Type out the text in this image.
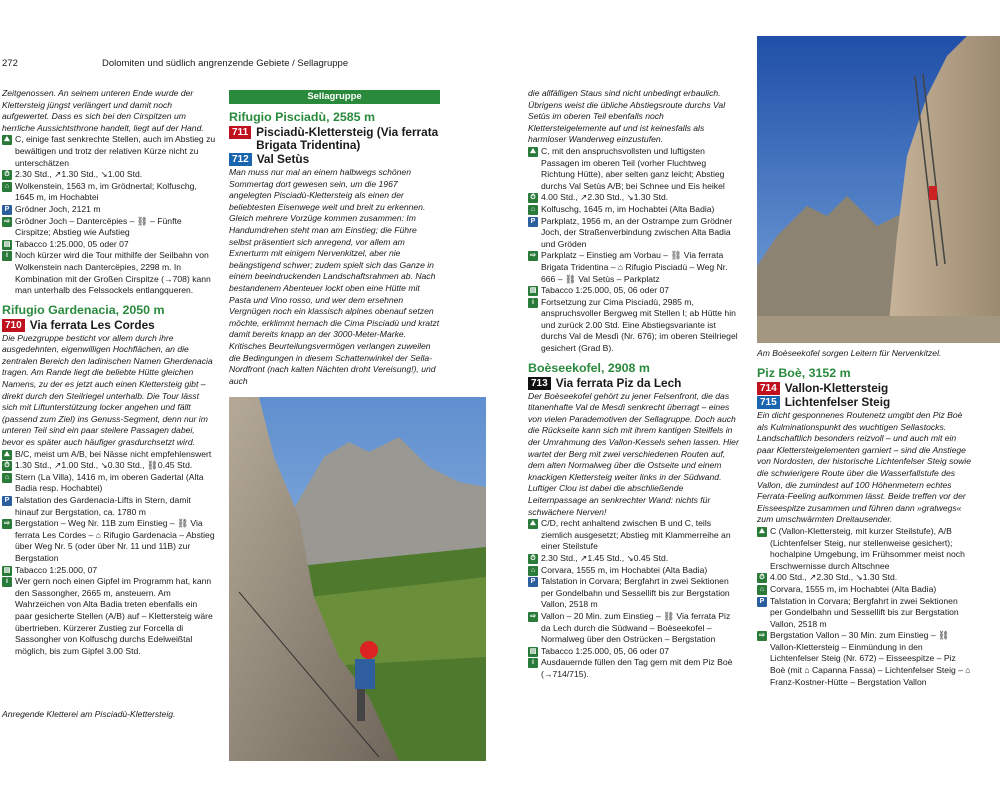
272	Dolomiten und südlich angrenzende Gebiete / Sellagruppe

Zeitgenossen. An seinem unteren Ende wurde der Klettersteig jüngst verlängert und damit noch aufgewertet. Dass es sich bei den Cirspitzen um herrliche Aussichtsthrone handelt, liegt auf der Hand.

⛰ C, einige fast senkrechte Stellen, auch im Abstieg zu bewältigen und trotz der relativen Kürze nicht zu unterschätzen

⏱ 2.30 Std., ↗1.30 Std., ↘1.00 Std.

⌂ Wolkenstein, 1563 m, im Grödnertal; Kolfuschg, 1645 m, im Hochabtei

P Grödner Joch, 2121 m

⇨ Grödner Joch – Dantercëpies – ⛓ – Fünfte Cirspitze; Abstieg wie Aufstieg

▤ Tabacco 1:25.000, 05 oder 07

i Noch kürzer wird die Tour mithilfe der Seilbahn von Wolkenstein nach Dantercëpies, 2298 m. In Kombination mit der Großen Cirspitze (→708) kann man unterhalb des Felssockels entlangqueren.

Rifugio Gardenacia, 2050 m
710 Via ferrata Les Cordes

Die Puezgruppe besticht vor allem durch ihre ausgedehnten, eigenwilligen Hochflächen, an die zentralen Bereich den ladinischen Namen Gherdenacia tragen. Am Rande liegt die beliebte Hütte gleichen Namens, zu der es jetzt auch einen Klettersteig gibt – direkt durch den Steilriegel unterhalb. Die Tour lässt sich mit Liftunterstützung locker angehen und fällt (passend zum Ziel) ins Genuss-Segment, denn nur im unteren Teil sind ein paar steilere Passagen dabei, bevor es später auch häufiger grasdurchsetzt wird.

⛰ B/C, meist um A/B, bei Nässe nicht empfehlenswert

⏱ 1.30 Std., ↗1.00 Std., ↘0.30 Std., ⛓0.45 Std.

⌂ Stern (La Villa), 1416 m, im oberen Gadertal (Alta Badia resp. Hochabtei)

P Talstation des Gardenacia-Lifts in Stern, damit hinauf zur Bergstation, ca. 1780 m

⇨ Bergstation – Weg Nr. 11B zum Einstieg – ⛓ Via ferrata Les Cordes – ⌂ Rifugio Gardenacia – Abstieg über Weg Nr. 5 (oder über Nr. 11 und 11B) zur Bergstation

▤ Tabacco 1:25.000, 07

i Wer gern noch einen Gipfel im Programm hat, kann den Sassongher, 2665 m, ansteuern. Am Wahrzeichen von Alta Badia treten ebenfalls ein paar gesicherte Stellen (A/B) auf – Klettersteig wäre übertrieben. Kürzerer Zustieg zur Forcella di Sassongher von Kolfuschg durchs Edelweißtal möglich, bis zum Gipfel 3.00 Std.

Anregende Kletterei am Pisciadù-Klettersteig.
Sellagruppe
Rifugio Pisciadù, 2585 m
711 Pisciadù-Klettersteig (Via ferrata Brigata Tridentina)
712 Val Setùs

Man muss nur mal an einem halbwegs schönen Sommertag dort gewesen sein, um die 1967 angelegten Pisciadù-Klettersteig als einen der beliebtesten Eisenwege weit und breit zu erkennen. Gleich mehrere Vorzüge kommen zusammen: Im Handumdrehen steht man am Einstieg; die Führe selbst präsentiert sich anregend, vor allem am Exnerturm mit einigem Nervenkitzel, aber nie beängstigend schwer; zudem spielt sich das Ganze in einem beeindruckenden Landschaftsrahmen ab. Nach bestandenem Abenteuer lockt oben eine Hütte mit Pasta und Vino rosso, und wer dem ersehnen Vergnügen noch ein klassisch alpines obenauf setzen möchte, erklimmt hernach die Cima Pisciadù und kratzt damit bereits knapp an der 3000-Meter-Marke. Kritisches Beurteilungsvermögen verlangen zuweilen die Bedingungen in diesem Schattenwinkel der Sella-Nordfront (nach kalten Nächten droht Vereisung!), und auch

die allfälligen Staus sind nicht unbedingt erbaulich. Übrigens weist die übliche Abstiegsroute durchs Val Setùs im oberen Teil ebenfalls noch Klettersteigelemente auf und ist keinesfalls als harmloser Wanderweg einzustufen.

⛰ C, mit den anspruchsvollsten und luftigsten Passagen im oberen Teil (vorher Fluchtweg Richtung Hütte), aber selten ganz leicht; Abstieg durchs Val Setùs A/B; bei Schnee und Eis heikel

⏱ 4.00 Std., ↗2.30 Std., ↘1.30 Std.

⌂ Kolfuschg, 1645 m, im Hochabtei (Alta Badia)

P Parkplatz, 1956 m, an der Ostrampe zum Grödner Joch, der Straßenverbindung zwischen Alta Badia und Gröden

⇨ Parkplatz – Einstieg am Vorbau – ⛓ Via ferrata Brigata Tridentina – ⌂ Rifugio Pisciadù – Weg Nr. 666 – ⛓ Val Setùs – Parkplatz

▤ Tabacco 1:25.000, 05, 06 oder 07

i Fortsetzung zur Cima Pisciadù, 2985 m, anspruchsvoller Bergweg mit Stellen I; ab Hütte hin und zurück 2.00 Std. Eine Abstiegsvariante ist durchs Val de Mesdì (Nr. 676); im oberen Steilriegel gesichert (Grad B).

Boèseekofel, 2908 m
713 Via ferrata Piz da Lech

Der Boèseekofel gehört zu jener Felsenfront, die das titanenhafte Val de Mesdì senkrecht überragt – eines von vielen Parademotiven der Sellagruppe. Doch auch die Rückseite kann sich mit ihrem kantigen Steilfels in der Umrahmung des Vallon-Kessels sehen lassen. Hier wartet der Berg mit zwei verschiedenen Routen auf, dem alten Normalweg über die Ostseite und einem knackigen Klettersteig weiter links in der Südwand. Luftiger Clou ist dabei die abschließende Leiternpassage an senkrechter Wand: nichts für schwächere Nerven!

⛰ C/D, recht anhaltend zwischen B und C, teils ziemlich ausgesetzt; Abstieg mit Klammerreihe an einer Steilstufe

⏱ 2.30 Std., ↗1.45 Std., ↘0.45 Std.

⌂ Corvara, 1555 m, im Hochabtei (Alta Badia)

P Talstation in Corvara; Bergfahrt in zwei Sektionen per Gondelbahn und Sessellift bis zur Bergstation Vallon, 2518 m

⇨ Vallon – 20 Min. zum Einstieg – ⛓ Via ferrata Piz da Lech durch die Südwand – Boèseekofel – Normalweg über den Ostrücken – Bergstation

▤ Tabacco 1:25.000, 05, 06 oder 07

i Ausdauernde füllen den Tag gern mit dem Piz Boè (→714/715).

Am Boèseekofel sorgen Leitern für Nervenkitzel.
Piz Boè, 3152 m
714 Vallon-Klettersteig
715 Lichtenfelser Steig

Ein dicht gesponnenes Routenetz umgibt den Piz Boè als Kulminationspunkt des wuchtigen Sellastocks. Landschaftlich besonders reizvoll – und auch mit ein paar Klettersteigelementen garniert – sind die Anstiege von Nordosten, der historische Lichtenfelser Steig sowie die schwierigere Route über die Wasserfallstufe des Vallon, die zumindest auf 100 Höhenmetern echtes Ferrata-Feeling aufkommen lässt. Beide treffen vor der Eisseespitze zusammen und führen dann »gratwegs« zum umschwärmten Dreitausender.

⛰ C (Vallon-Klettersteig, mit kurzer Steilstufe), A/B (Lichtenfelser Steig, nur stellenweise gesichert); hochalpine Umgebung, im Frühsommer meist noch Erschwernisse durch Altschnee

⏱ 4.00 Std., ↗2.30 Std., ↘1.30 Std.

⌂ Corvara, 1555 m, im Hochabtei (Alta Badia)

P Talstation in Corvara; Bergfahrt in zwei Sektionen per Gondelbahn und Sessellift bis zur Bergstation Vallon, 2518 m

⇨ Bergstation Vallon – 30 Min. zum Einstieg – ⛓ Vallon-Klettersteig – Einmündung in den Lichtenfelser Steig (Nr. 672) – Eisseespitze – Piz Boè (mit ⌂ Capanna Fassa) – Lichtenfelser Steig – ⌂ Franz-Kostner-Hütte – Bergstation Vallon
